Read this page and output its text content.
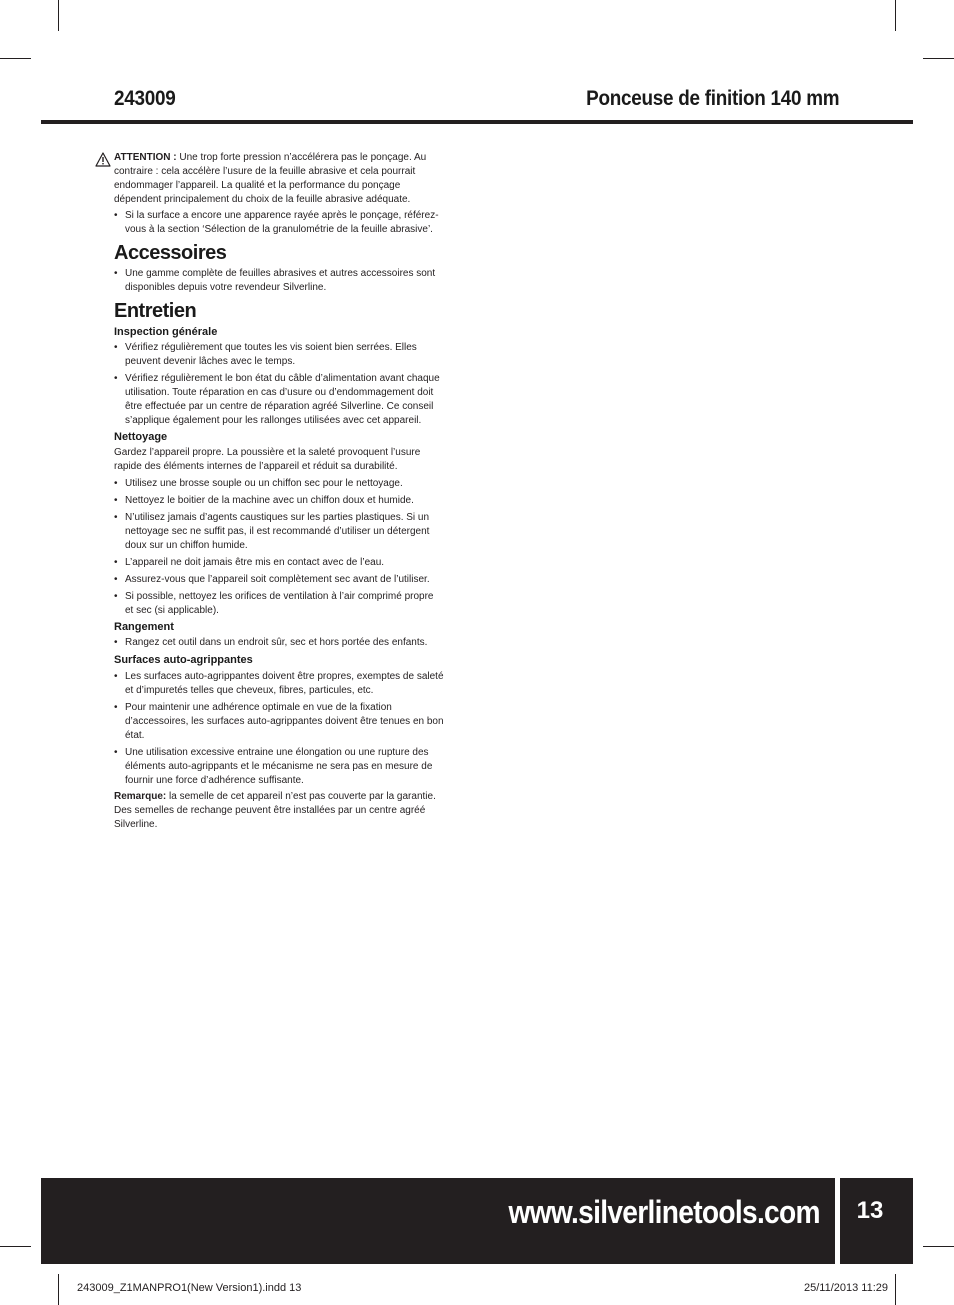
243009	Ponceuse de finition 140 mm

ATTENTION : Une trop forte pression n’accélérera pas le ponçage. Au contraire : cela accélère l’usure de la feuille abrasive et cela pourrait endommager l’appareil. La qualité et la performance du ponçage dépendent principalement du choix de la feuille abrasive adéquate.

• Si la surface a encore une apparence rayée après le ponçage, référez-vous à la section ‘Sélection de la granulométrie de la feuille abrasive’.
Accessoires
• Une gamme complète de feuilles abrasives et autres accessoires sont disponibles depuis votre revendeur Silverline.
Entretien

Inspection générale

• Vérifiez régulièrement que toutes les vis soient bien serrées. Elles peuvent devenir lâches avec le temps.
• Vérifiez régulièrement le bon état du câble d’alimentation avant chaque utilisation. Toute réparation en cas d’usure ou d’endommagement doit être effectuée par un centre de réparation agréé Silverline. Ce conseil s’applique également pour les rallonges utilisées avec cet appareil.

Nettoyage

Gardez l’appareil propre. La poussière et la saleté provoquent l’usure rapide des éléments internes de l’appareil et réduit sa durabilité.

• Utilisez une brosse souple ou un chiffon sec pour le nettoyage.
• Nettoyez le boitier de la machine avec un chiffon doux et humide.
• N’utilisez jamais d’agents caustiques sur les parties plastiques. Si un nettoyage sec ne suffit pas, il est recommandé d’utiliser un détergent doux sur un chiffon humide.
• L’appareil ne doit jamais être mis en contact avec de l’eau.
• Assurez-vous que l’appareil soit complètement sec avant de l’utiliser.
• Si possible, nettoyez les orifices de ventilation à l’air comprimé propre et sec (si applicable).

Rangement

• Rangez cet outil dans un endroit sûr, sec et hors portée des enfants.

Surfaces auto-agrippantes

• Les surfaces auto-agrippantes doivent être propres, exemptes de saleté et d’impuretés telles que cheveux, fibres, particules, etc.
• Pour maintenir une adhérence optimale en vue de la fixation d’accessoires, les surfaces auto-agrippantes doivent être tenues en bon état.
• Une utilisation excessive entraine une élongation ou une rupture des éléments auto-agrippants et le mécanisme ne sera pas en mesure de fournir une force d’adhérence suffisante.

Remarque: la semelle de cet appareil n’est pas couverte par la garantie. Des semelles de rechange peuvent être installées par un centre agréé Silverline.

www.silverlinetools.com	13

243009_Z1MANPRO1(New Version1).indd 13	25/11/2013 11:29
